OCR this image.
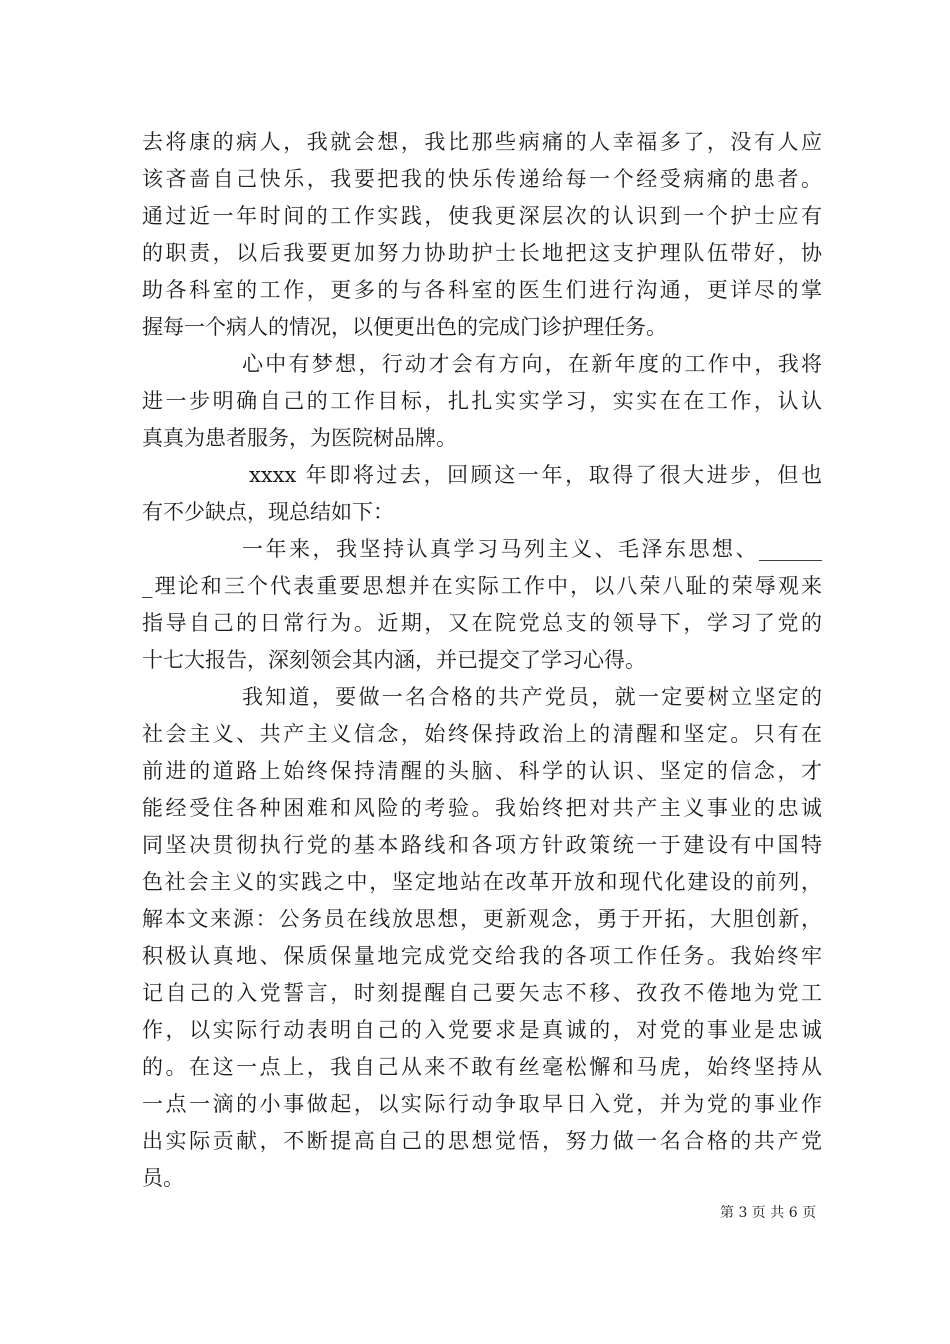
去将康的病人，我就会想，我比那些病痛的人幸福多了，没有人应
该吝啬自己快乐，我要把我的快乐传递给每一个经受病痛的患者。
通过近一年时间的工作实践，使我更深层次的认识到一个护士应有
的职责，以后我要更加努力协助护士长地把这支护理队伍带好，协
助各科室的工作，更多的与各科室的医生们进行沟通，更详尽的掌
握每一个病人的情况，以便更出色的完成门诊护理任务。
心中有梦想，行动才会有方向，在新年度的工作中，我将
进一步明确自己的工作目标，扎扎实实学习，实实在在工作，认认
真真为患者服务，为医院树品牌。
xxxx 年即将过去，回顾这一年，取得了很大进步，但也
有不少缺点，现总结如下：
一年来，我坚持认真学习马列主义、毛泽东思想、______
_理论和三个代表重要思想并在实际工作中，以八荣八耻的荣辱观来
指导自己的日常行为。近期，又在院党总支的领导下，学习了党的
十七大报告，深刻领会其内涵，并已提交了学习心得。
我知道，要做一名合格的共产党员，就一定要树立坚定的
社会主义、共产主义信念，始终保持政治上的清醒和坚定。只有在
前进的道路上始终保持清醒的头脑、科学的认识、坚定的信念，才
能经受住各种困难和风险的考验。我始终把对共产主义事业的忠诚
同坚决贯彻执行党的基本路线和各项方针政策统一于建设有中国特
色社会主义的实践之中，坚定地站在改革开放和现代化建设的前列，
解本文来源：公务员在线放思想，更新观念，勇于开拓，大胆创新，
积极认真地、保质保量地完成党交给我的各项工作任务。我始终牢
记自己的入党誓言，时刻提醒自己要矢志不移、孜孜不倦地为党工
作，以实际行动表明自己的入党要求是真诚的，对党的事业是忠诚
的。在这一点上，我自己从来不敢有丝毫松懈和马虎，始终坚持从
一点一滴的小事做起，以实际行动争取早日入党，并为党的事业作
出实际贡献，不断提高自己的思想觉悟，努力做一名合格的共产党
员。
第 3 页 共 6 页
